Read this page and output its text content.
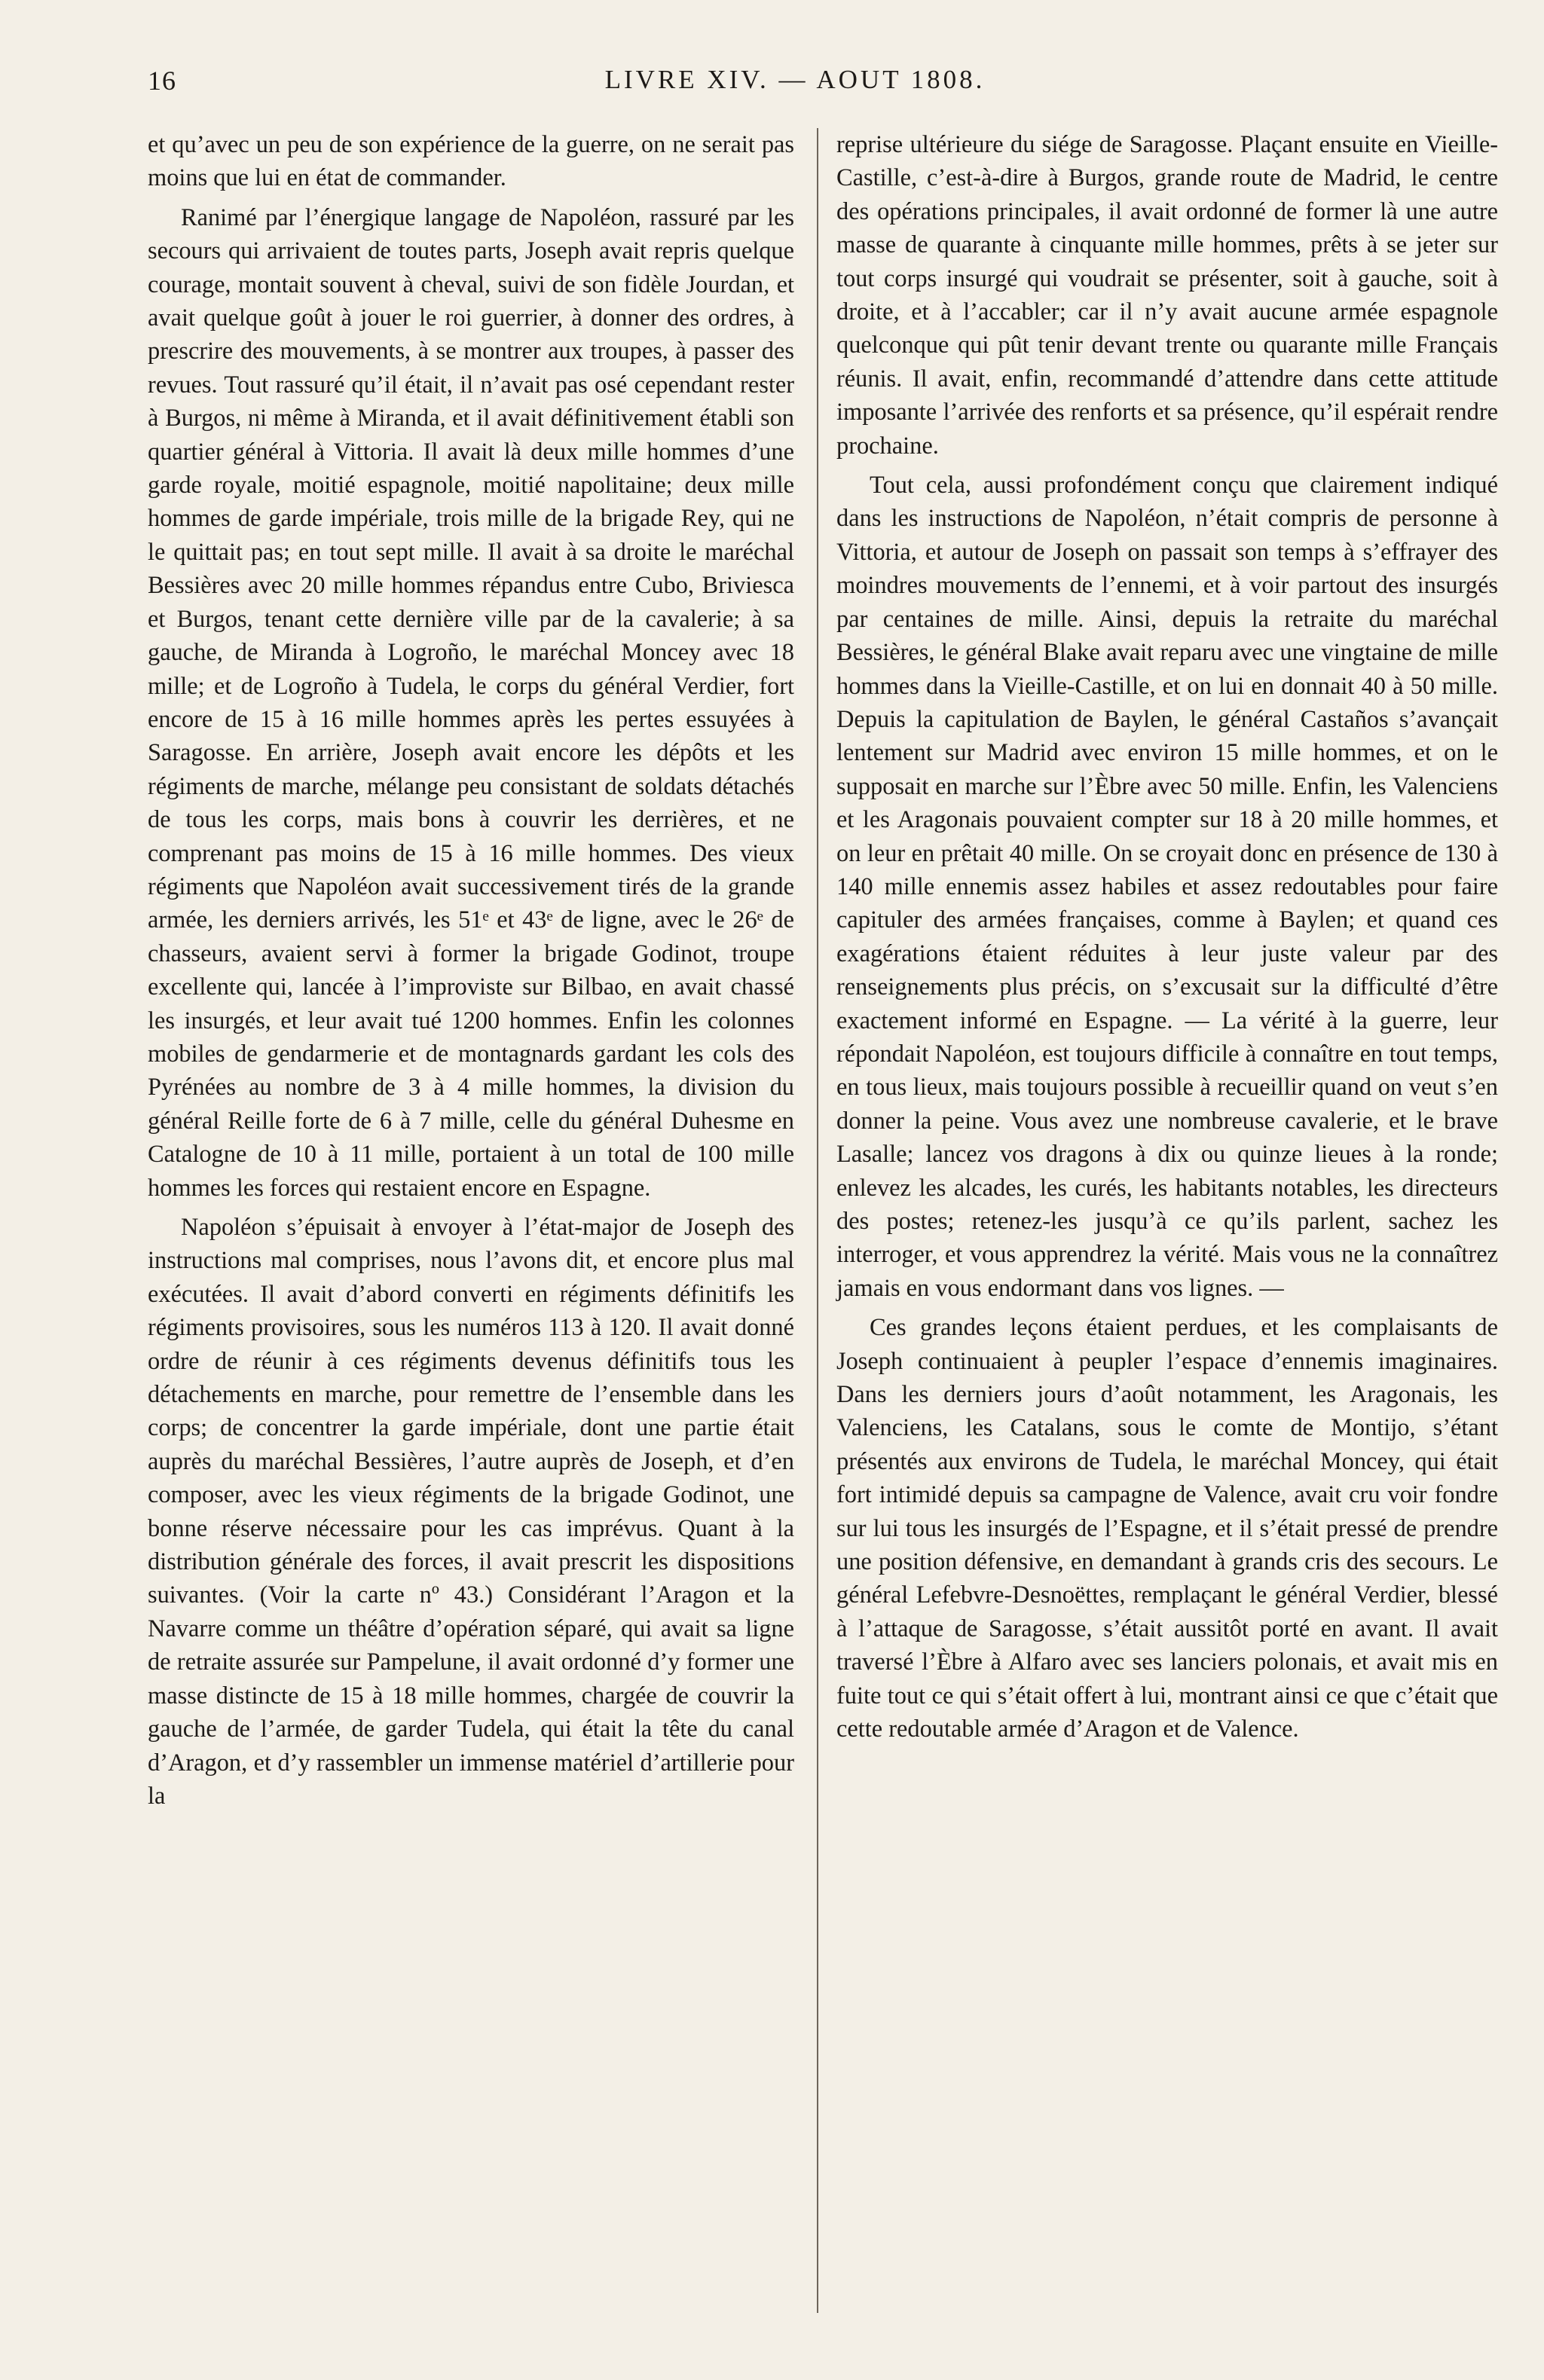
16	LIVRE XIV. — AOUT 1808.

et qu’avec un peu de son expérience de la guerre, on ne serait pas moins que lui en état de commander.

Ranimé par l’énergique langage de Napoléon, rassuré par les secours qui arrivaient de toutes parts, Joseph avait repris quelque courage, montait souvent à cheval, suivi de son fidèle Jourdan, et avait quelque goût à jouer le roi guerrier, à donner des ordres, à prescrire des mouvements, à se montrer aux troupes, à passer des revues. Tout rassuré qu’il était, il n’avait pas osé cependant rester à Burgos, ni même à Miranda, et il avait définitivement établi son quartier général à Vittoria. Il avait là deux mille hommes d’une garde royale, moitié espagnole, moitié napolitaine; deux mille hommes de garde impériale, trois mille de la brigade Rey, qui ne le quittait pas; en tout sept mille. Il avait à sa droite le maréchal Bessières avec 20 mille hommes répandus entre Cubo, Briviesca et Burgos, tenant cette dernière ville par de la cavalerie; à sa gauche, de Miranda à Logroño, le maréchal Moncey avec 18 mille; et de Logroño à Tudela, le corps du général Verdier, fort encore de 15 à 16 mille hommes après les pertes essuyées à Saragosse. En arrière, Joseph avait encore les dépôts et les régiments de marche, mélange peu consistant de soldats détachés de tous les corps, mais bons à couvrir les derrières, et ne comprenant pas moins de 15 à 16 mille hommes. Des vieux régiments que Napoléon avait successivement tirés de la grande armée, les derniers arrivés, les 51ᵉ et 43ᵉ de ligne, avec le 26ᵉ de chasseurs, avaient servi à former la brigade Godinot, troupe excellente qui, lancée à l’improviste sur Bilbao, en avait chassé les insurgés, et leur avait tué 1200 hommes. Enfin les colonnes mobiles de gendarmerie et de montagnards gardant les cols des Pyrénées au nombre de 3 à 4 mille hommes, la division du général Reille forte de 6 à 7 mille, celle du général Duhesme en Catalogne de 10 à 11 mille, portaient à un total de 100 mille hommes les forces qui restaient encore en Espagne.

Napoléon s’épuisait à envoyer à l’état-major de Joseph des instructions mal comprises, nous l’avons dit, et encore plus mal exécutées. Il avait d’abord converti en régiments définitifs les régiments provisoires, sous les numéros 113 à 120. Il avait donné ordre de réunir à ces régiments devenus définitifs tous les détachements en marche, pour remettre de l’ensemble dans les corps; de concentrer la garde impériale, dont une partie était auprès du maréchal Bessières, l’autre auprès de Joseph, et d’en composer, avec les vieux régiments de la brigade Godinot, une bonne réserve nécessaire pour les cas imprévus. Quant à la distribution générale des forces, il avait prescrit les dispositions suivantes. (Voir la carte nº 43.) Considérant l’Aragon et la Navarre comme un théâtre d’opération séparé, qui avait sa ligne de retraite assurée sur Pampelune, il avait ordonné d’y former une masse distincte de 15 à 18 mille hommes, chargée de couvrir la gauche de l’armée, de garder Tudela, qui était la tête du canal d’Aragon, et d’y rassembler un immense matériel d’artillerie pour la

reprise ultérieure du siége de Saragosse. Plaçant ensuite en Vieille-Castille, c’est-à-dire à Burgos, grande route de Madrid, le centre des opérations principales, il avait ordonné de former là une autre masse de quarante à cinquante mille hommes, prêts à se jeter sur tout corps insurgé qui voudrait se présenter, soit à gauche, soit à droite, et à l’accabler; car il n’y avait aucune armée espagnole quelconque qui pût tenir devant trente ou quarante mille Français réunis. Il avait, enfin, recommandé d’attendre dans cette attitude imposante l’arrivée des renforts et sa présence, qu’il espérait rendre prochaine.

Tout cela, aussi profondément conçu que clairement indiqué dans les instructions de Napoléon, n’était compris de personne à Vittoria, et autour de Joseph on passait son temps à s’effrayer des moindres mouvements de l’ennemi, et à voir partout des insurgés par centaines de mille. Ainsi, depuis la retraite du maréchal Bessières, le général Blake avait reparu avec une vingtaine de mille hommes dans la Vieille-Castille, et on lui en donnait 40 à 50 mille. Depuis la capitulation de Baylen, le général Castaños s’avançait lentement sur Madrid avec environ 15 mille hommes, et on le supposait en marche sur l’Èbre avec 50 mille. Enfin, les Valenciens et les Aragonais pouvaient compter sur 18 à 20 mille hommes, et on leur en prêtait 40 mille. On se croyait donc en présence de 130 à 140 mille ennemis assez habiles et assez redoutables pour faire capituler des armées françaises, comme à Baylen; et quand ces exagérations étaient réduites à leur juste valeur par des renseignements plus précis, on s’excusait sur la difficulté d’être exactement informé en Espagne. — La vérité à la guerre, leur répondait Napoléon, est toujours difficile à connaître en tout temps, en tous lieux, mais toujours possible à recueillir quand on veut s’en donner la peine. Vous avez une nombreuse cavalerie, et le brave Lasalle; lancez vos dragons à dix ou quinze lieues à la ronde; enlevez les alcades, les curés, les habitants notables, les directeurs des postes; retenez-les jusqu’à ce qu’ils parlent, sachez les interroger, et vous apprendrez la vérité. Mais vous ne la connaîtrez jamais en vous endormant dans vos lignes. —

Ces grandes leçons étaient perdues, et les complaisants de Joseph continuaient à peupler l’espace d’ennemis imaginaires. Dans les derniers jours d’août notamment, les Aragonais, les Valenciens, les Catalans, sous le comte de Montijo, s’étant présentés aux environs de Tudela, le maréchal Moncey, qui était fort intimidé depuis sa campagne de Valence, avait cru voir fondre sur lui tous les insurgés de l’Espagne, et il s’était pressé de prendre une position défensive, en demandant à grands cris des secours. Le général Lefebvre-Desnoëttes, remplaçant le général Verdier, blessé à l’attaque de Saragosse, s’était aussitôt porté en avant. Il avait traversé l’Èbre à Alfaro avec ses lanciers polonais, et avait mis en fuite tout ce qui s’était offert à lui, montrant ainsi ce que c’était que cette redoutable armée d’Aragon et de Valence.
